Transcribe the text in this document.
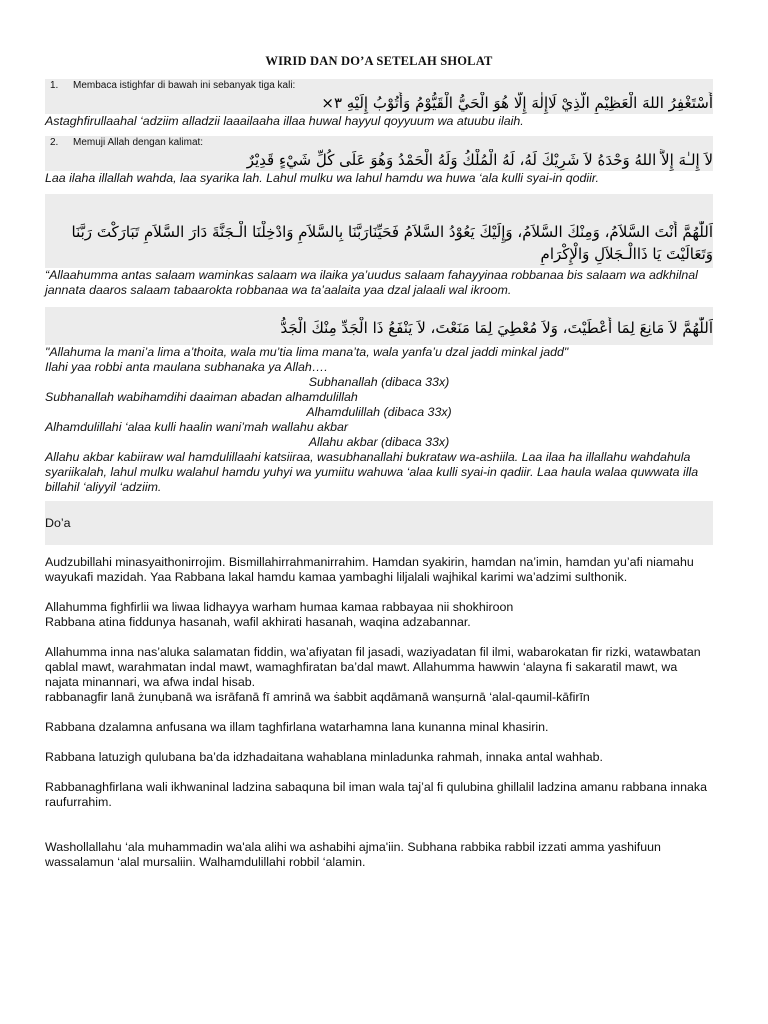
WIRID DAN DO’A SETELAH SHOLAT
1. Membaca istighfar di bawah ini sebanyak tiga kali:
أَسْتَغْفِرُ اللهَ الْعَظِيْمِ الَّذِيْ لَاإِلٰهَ إِلَّا هُوَ الْحَيُّ الْقَيُّوْمُ وَأَتُوْبُ إِلَيْهِ ٣×
Astaghfirullaahal ‘adziim alladzii laaailaaha illaa huwal hayyul qoyyuum wa atuubu ilaih.
2. Memuji Allah dengan kalimat:
لاَ إِلـٰهَ إِلاَّ اللهُ وَحْدَهُ لاَ شَرِيْكَ لَهُ، لَهُ الْمُلْكُ وَلَهُ الْحَمْدُ وَهُوَ عَلَى كُلِّ شَيْءٍ قَدِيْرٌ
Laa ilaha illallah wahda, laa syarika lah. Lahul mulku wa lahul hamdu wa huwa ‘ala kulli syai-in qodiir.
اَللّٰهُمَّ أَنْتَ السَّلاَمُ، وَمِنْكَ السَّلاَمُ، وَإِلَيْكَ يَعُوْدُ السَّلاَمُ فَحَيِّنَارَبَّنَا بِالسَّلاَمِ وَادْخِلْنَا الْـجَنَّةَ دَارَ السَّلاَمِ تَبَارَكْتَ رَبَّنَا وَتَعَالَيْتَ يَا ذَاالْـجَلاَلِ وَالْإِكْرَامِ
“Allaahumma antas salaam waminkas salaam wa ilaika ya’uudus salaam fahayyinaa robbanaa bis salaam wa adkhilnal jannata daaros salaam tabaarokta robbanaa wa ta’aalaita yaa dzal jalaali wal ikroom.
اَللّٰهُمَّ لاَ مَانِعَ لِمَا أَعْطَيْتَ، وَلاَ مُعْطِيَ لِمَا مَنَعْتَ، لاَ يَنْفَعُ ذَا الْجَدِّ مِنْكَ الْجَدُّ
"Allahuma la mani’a lima a’thoita, wala mu’tia lima mana’ta, wala yanfa’u dzal jaddi minkal jadd"
Ilahi yaa robbi anta maulana subhanaka ya Allah….
Subhanallah (dibaca 33x)
Subhanallah wabihamdihi daaiman abadan alhamdulillah
Alhamdulillah (dibaca 33x)
Alhamdulillahi ‘alaa kulli haalin wani’mah wallahu akbar
Allahu akbar (dibaca 33x)
Allahu akbar kabiiraw wal hamdulillaahi katsiiraa, wasubhanallahi bukrataw wa-ashiila. Laa ilaa ha illallahu wahdahula syariikalah, lahul mulku walahul hamdu yuhyi wa yumiitu wahuwa ‘alaa kulli syai-in qadiir. Laa haula walaa quwwata illa billahil ‘aliyyil ‘adziim.
Do’a
Audzubillahi minasyaithonirrojim. Bismillahirrahmanirrahim. Hamdan syakirin, hamdan na’imin, hamdan yu’afi niamahu wayukafi mazidah. Yaa Rabbana lakal hamdu kamaa yambaghi liljalali wajhikal karimi wa’adzimi sulthonik.
Allahumma fighfirlii wa liwaa lidhayya warham humaa kamaa rabbayaa nii shokhiroon
Rabbana atina fiddunya hasanah, wafil akhirati hasanah, waqina adzabannar.
Allahumma inna nas’aluka salamatan fiddin, wa’afiyatan fil jasadi, waziyadatan fil ilmi, wabarokatan fir rizki, watawbatan qablal mawt, warahmatan indal mawt, wamaghfiratan ba’dal mawt. Allahumma hawwin ‘alayna fi sakaratil mawt, wa najata minannari, wa afwa indal hisab.
rabbanagfir lanā żunụbanā wa isrāfanā fī amrinā wa ṡabbit aqdāmanā wanṣurnā ‘alal-qaumil-kāfirīn
Rabbana dzalamna anfusana wa illam taghfirlana watarhamna lana kunanna minal khasirin.
Rabbana latuzigh qulubana ba’da idzhadaitana wahablana minladunka rahmah, innaka antal wahhab.
Rabbanaghfirlana wali ikhwaninal ladzina sabaquna bil iman wala taj’al fi qulubina ghillalil ladzina amanu rabbana innaka raufurrahim.
Washollallahu ‘ala muhammadin wa'ala alihi wa ashabihi ajma'iin. Subhana rabbika rabbil izzati amma yashifuun wassalamun ‘alal mursaliin. Walhamdulillahi robbil ‘alamin.
